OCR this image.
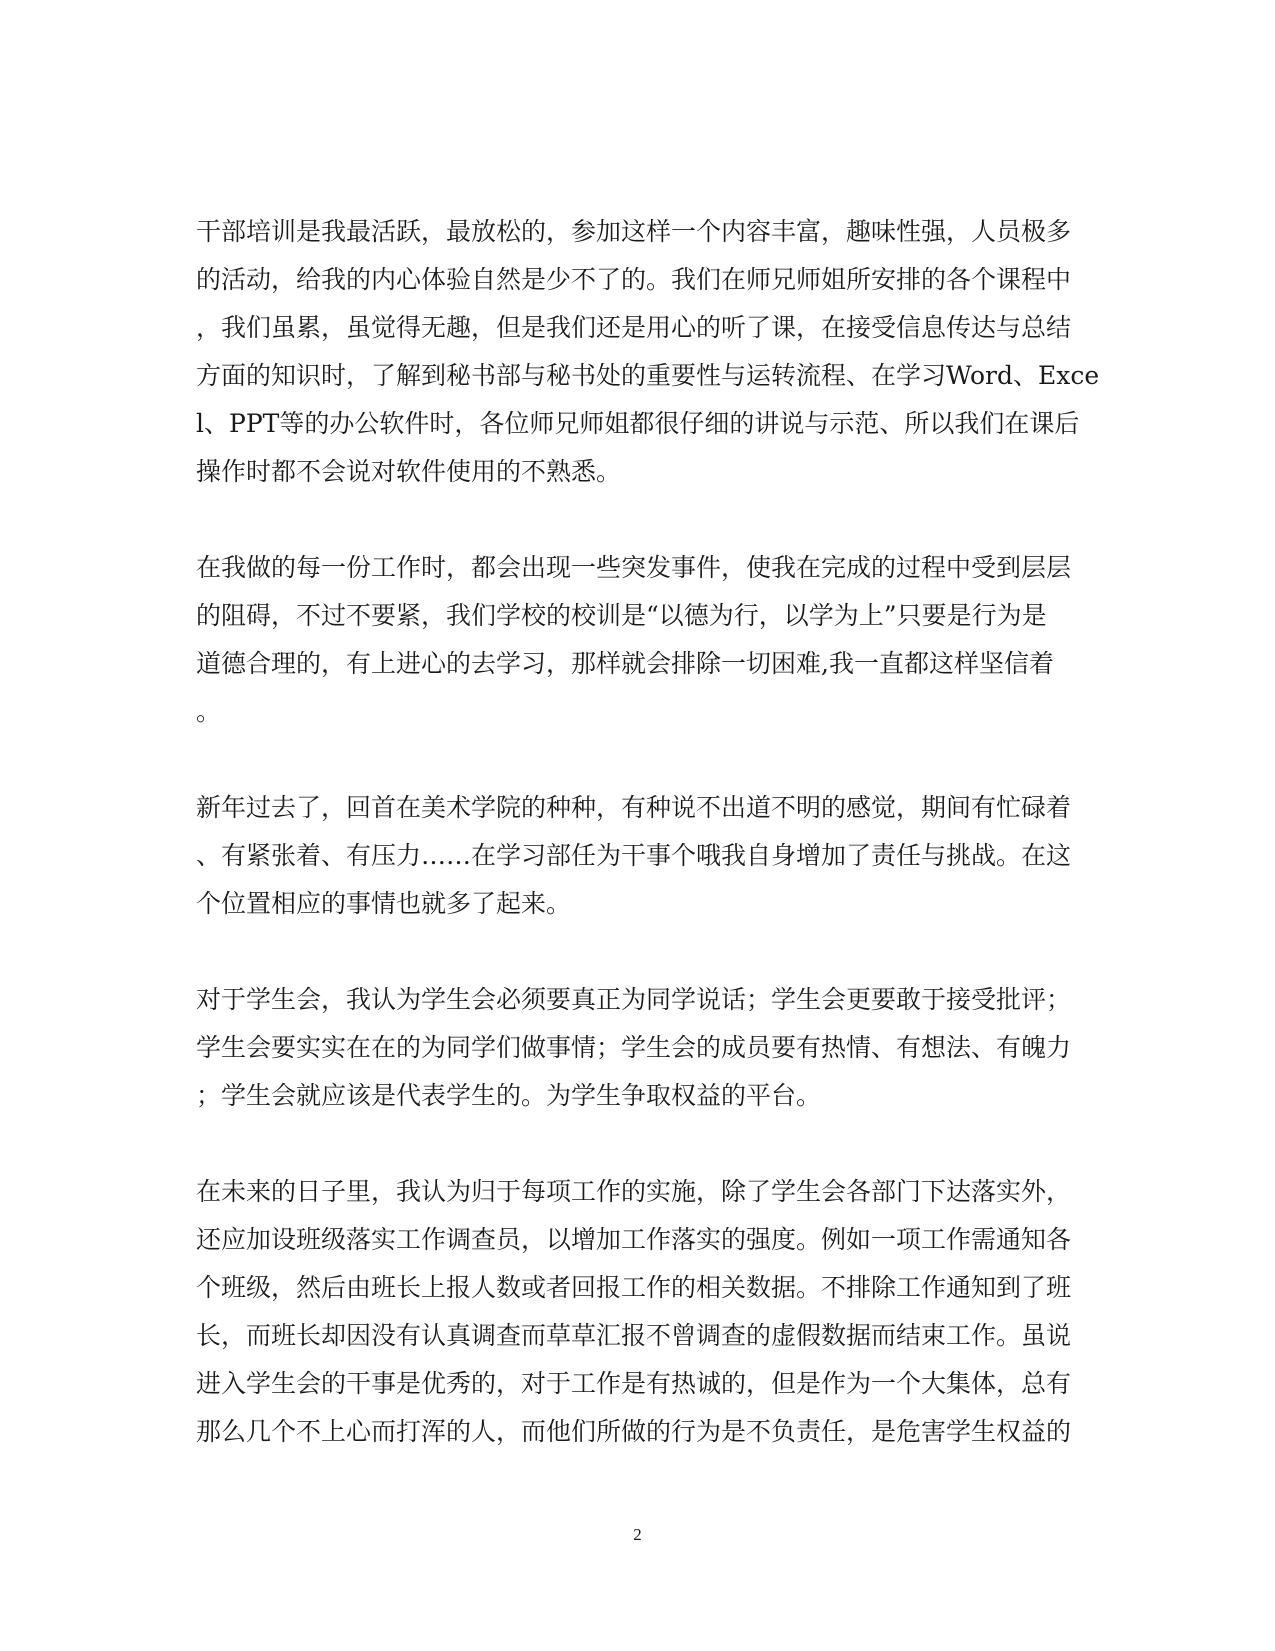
干部培训是我最活跃，最放松的，参加这样一个内容丰富，趣味性强，人员极多
的活动，给我的内心体验自然是少不了的。我们在师兄师姐所安排的各个课程中
，我们虽累，虽觉得无趣，但是我们还是用心的听了课，在接受信息传达与总结
方面的知识时，了解到秘书部与秘书处的重要性与运转流程、在学习Word、Exce
l、PPT等的办公软件时，各位师兄师姐都很仔细的讲说与示范、所以我们在课后
操作时都不会说对软件使用的不熟悉。
在我做的每一份工作时，都会出现一些突发事件，使我在完成的过程中受到层层
的阻碍，不过不要紧，我们学校的校训是“以德为行，以学为上”只要是行为是
道德合理的，有上进心的去学习，那样就会排除一切困难,我一直都这样坚信着
。
新年过去了，回首在美术学院的种种，有种说不出道不明的感觉，期间有忙碌着
、有紧张着、有压力……在学习部任为干事个哦我自身增加了责任与挑战。在这
个位置相应的事情也就多了起来。
对于学生会，我认为学生会必须要真正为同学说话；学生会更要敢于接受批评；
学生会要实实在在的为同学们做事情；学生会的成员要有热情、有想法、有魄力
；学生会就应该是代表学生的。为学生争取权益的平台。
在未来的日子里，我认为归于每项工作的实施，除了学生会各部门下达落实外，
还应加设班级落实工作调查员，以增加工作落实的强度。例如一项工作需通知各
个班级，然后由班长上报人数或者回报工作的相关数据。不排除工作通知到了班
长，而班长却因没有认真调查而草草汇报不曾调查的虚假数据而结束工作。虽说
进入学生会的干事是优秀的，对于工作是有热诚的，但是作为一个大集体，总有
那么几个不上心而打浑的人，而他们所做的行为是不负责任，是危害学生权益的
2
